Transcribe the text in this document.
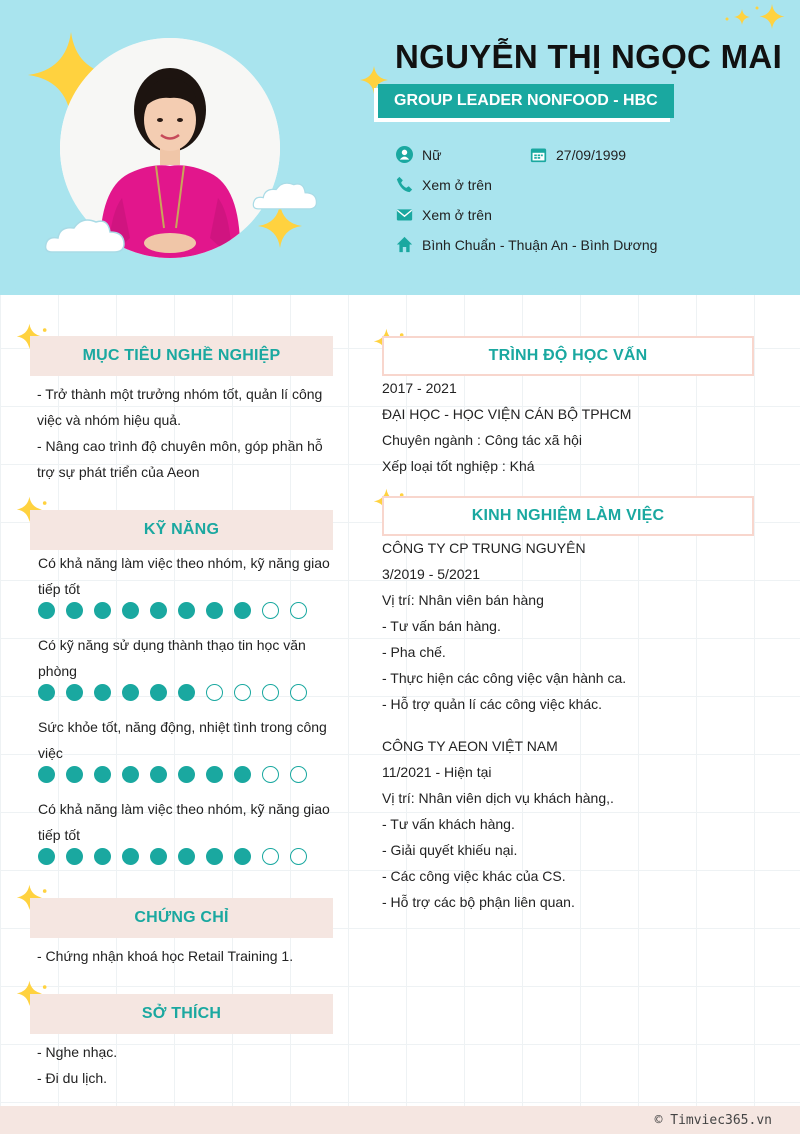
NGUYỄN THỊ NGỌC MAI
GROUP LEADER NONFOOD - HBC
Nữ	27/09/1999
Xem ở trên
Xem ở trên
Bình Chuẩn - Thuận An - Bình Dương
MỤC TIÊU NGHỀ NGHIỆP
- Trở thành một trưởng nhóm tốt, quản lí công
việc và nhóm hiệu quả.
- Nâng cao trình độ chuyên môn, góp phần hỗ
trợ sự phát triển của Aeon
KỸ NĂNG
Có khả năng làm việc theo nhóm, kỹ năng giao
tiếp tốt
Có kỹ năng sử dụng thành thạo tin học văn
phòng
Sức khỏe tốt, năng động, nhiệt tình trong công
việc
Có khả năng làm việc theo nhóm, kỹ năng giao
tiếp tốt
CHỨNG CHỈ
- Chứng nhận khoá học Retail Training 1.
SỞ THÍCH
- Nghe nhạc.
- Đi du lịch.
TRÌNH ĐỘ HỌC VẤN
2017 - 2021
ĐẠI HỌC - HỌC VIỆN CÁN BỘ TPHCM
Chuyên ngành : Công tác xã hội
Xếp loại tốt nghiệp : Khá
KINH NGHIỆM LÀM VIỆC
CÔNG TY CP TRUNG NGUYÊN
3/2019 - 5/2021
Vị trí: Nhân viên bán hàng
- Tư vấn bán hàng.
- Pha chế.
- Thực hiện các công việc vận hành ca.
- Hỗ trợ quản lí các công việc khác.
CÔNG TY AEON VIỆT NAM
11/2021 - Hiện tại
Vị trí: Nhân viên dịch vụ khách hàng,.
- Tư vấn khách hàng.
- Giải quyết khiếu nại.
- Các công việc khác của CS.
- Hỗ trợ các bộ phận liên quan.
© Timviec365.vn
